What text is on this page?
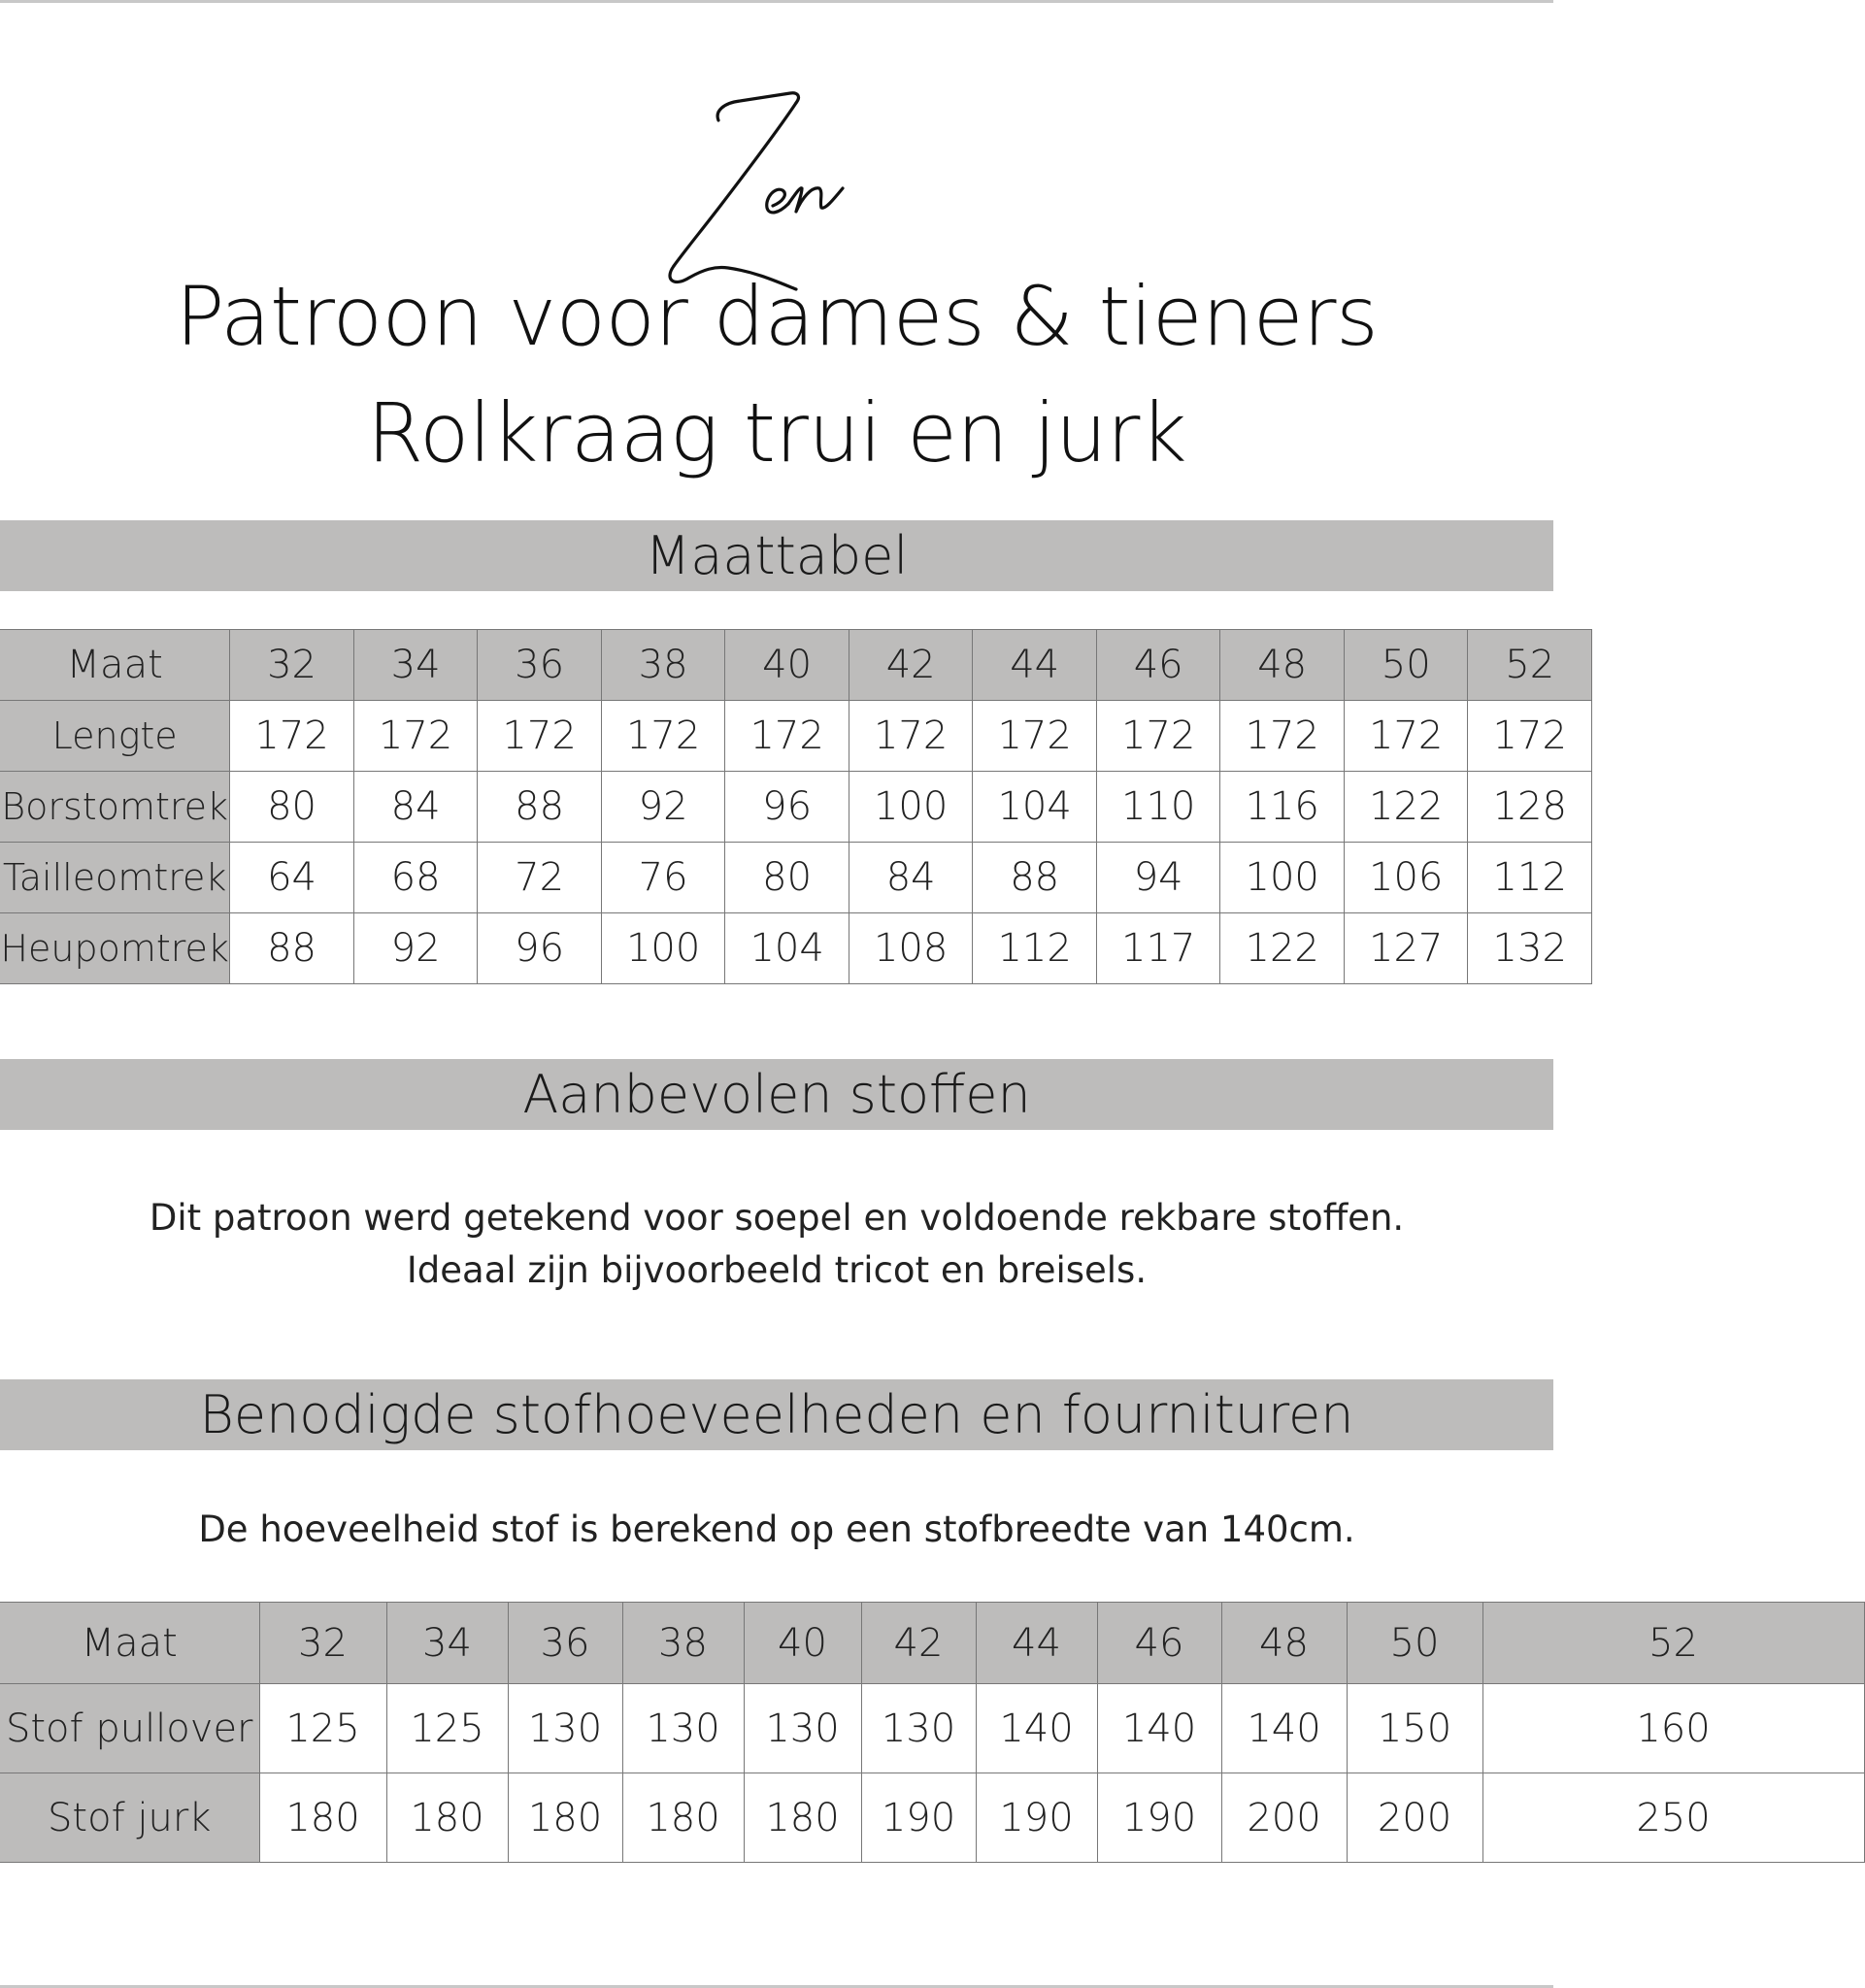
Patroon voor dames & tieners
Rolkraag trui en jurk
Maattabel
Maat	32	34	36	38	40	42	44	46	48	50	52
Lengte	172	172	172	172	172	172	172	172	172	172	172
Borstomtrek	80	84	88	92	96	100	104	110	116	122	128
Tailleomtrek	64	68	72	76	80	84	88	94	100	106	112
Heupomtrek	88	92	96	100	104	108	112	117	122	127	132
Aanbevolen stoffen

Dit patroon werd getekend voor soepel en voldoende rekbare stoffen.
Ideaal zijn bijvoorbeeld tricot en breisels.

Benodigde stofhoeveelheden en fournituren

De hoeveelheid stof is berekend op een stofbreedte van 140cm.

Maat	32	34	36	38	40	42	44	46	48	50	52
Stof pullover	125	125	130	130	130	130	140	140	140	150	160
Stof jurk	180	180	180	180	180	190	190	190	200	200	250
